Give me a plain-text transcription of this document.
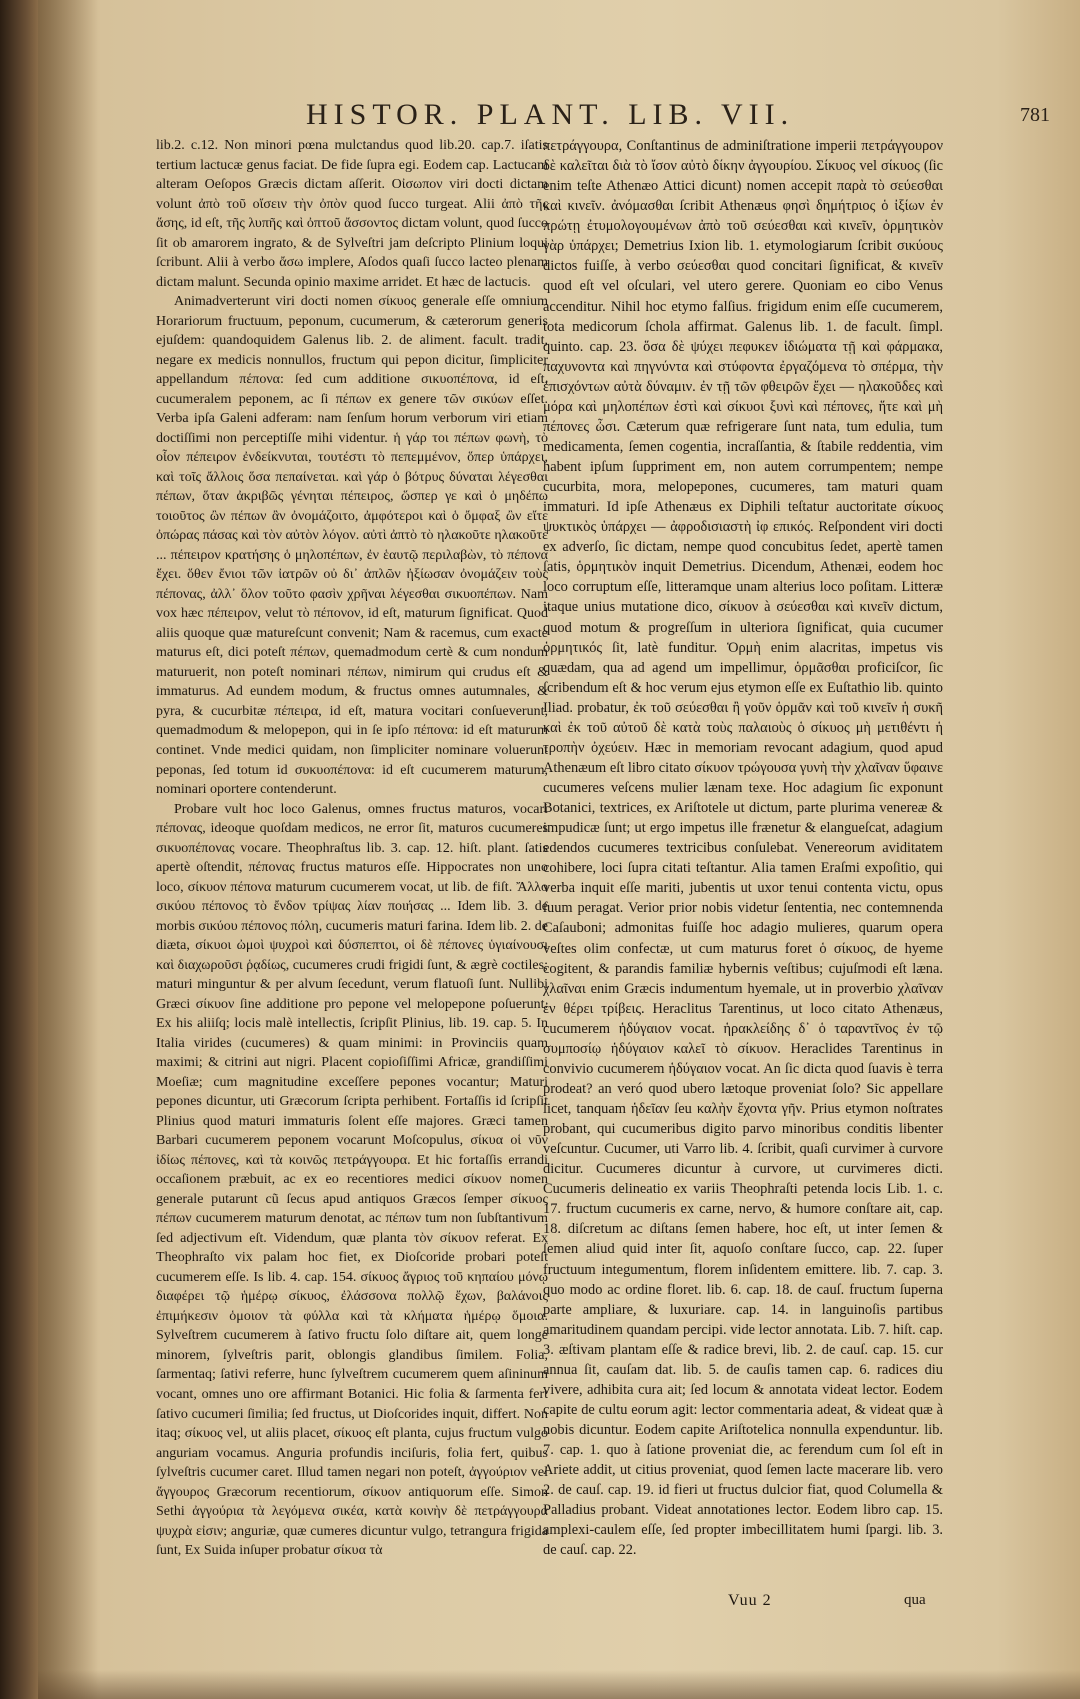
HISTOR. PLANT. LIB. VII.	781

lib.2. c.12. Non minori pœna mulctandus quod lib.20. cap.7. iſatis tertium lactucæ genus faciat. De fide ſupra egi. Eodem cap. Lactucam alteram Oeſopos Græcis dictam aſſerit. Oἰσωπον viri docti dictam volunt ἀπὸ τοῦ οἴσειν τὴν ὀπὸν quod ſucco turgeat. Alii ἀπὸ τῆς ἄσης, id eſt, τῆς λυπῆς καὶ ὀπτοῦ ἄσσοντος dictam volunt, quod ſucco ſit ob amarorem ingrato, & de Sylveſtri jam deſcripto Plinium loqui ſcribunt. Alii à verbo ἄσω implere, Aſodos quaſi ſucco lacteo plenam dictam malunt. Secunda opinio maxime arridet. Et hæc de lactucis.

Animadverterunt viri docti nomen σίκυος generale eſſe omnium Horariorum fructuum, peponum, cucumerum, & cæterorum generis ejuſdem: quandoquidem Galenus lib. 2. de aliment. facult. tradit, negare ex medicis nonnullos, fructum qui pepon dicitur, ſimpliciter appellandum πέπονα: ſed cum additione σικυοπέπονα, id eſt, cucumeralem peponem, ac ſi πέπων ex genere τῶν σικύων eſſet. Verba ipſa Galeni adferam: nam ſenſum horum verborum viri etiam doctiſſimi non perceptiſſe mihi videntur. ἡ γάρ τοι πέπων φωνὴ, τὸ οἷον πέπειρον ἐνδείκνυται, τουτέστι τὸ πεπεμμένον, ὅπερ ὑπάρχει, καὶ τοῖς ἄλλοις ὅσα πεπαίνεται. καὶ γάρ ὁ βότρυς δύναται λέγεσθαι πέπων, ὅταν ἀκριβῶς γένηται πέπειρος, ὥσπερ γε καὶ ὁ μηδέπω τοιοῦτος ὢν πέπων ἂν ὀνομάζοιτο, ἀμφότεροι καὶ ὁ ὄμφαξ ὢν εἴτε ὀπώρας πάσας καὶ τὸν αὐτὸν λόγον. αὐτὶ ἀπτὸ τὸ ηλακοῦτε ηλακοῦτε ... πέπειρον κρατήσης ὁ μηλοπέπων, ἐν ἑαυτῷ περιλαβὼν, τὸ πέπονα ἔχει. ὅθεν ἔνιοι τῶν ἰατρῶν οὐ δι᾽ ἀπλῶν ἠξίωσαν ὀνομάζειν τοὺς πέπονας, ἀλλ᾽ ὅλον τοῦτο φασὶν χρῆναι λέγεσθαι σικυοπέπων. Nam vox hæc πέπειρον, velut τὸ πέπονον, id eſt, maturum ſignificat. Quod aliis quoque quæ matureſcunt convenit; Nam & racemus, cum exacte maturus eſt, dici poteſt πέπων, quemadmodum certè & cum nondum maturuerit, non poteſt nominari πέπων, nimirum qui crudus eſt & immaturus. Ad eundem modum, & fructus omnes autumnales, & pyra, & cucurbitæ πέπειρα, id eſt, matura vocitari conſueverunt, quemadmodum & melopepon, qui in ſe ipſo πέπονα: id eſt maturum continet. Vnde medici quidam, non ſimpliciter nominare voluerunt peponas, ſed totum id συκυοπέπονα: id eſt cucumerem maturum, nominari oportere contenderunt.

Probare vult hoc loco Galenus, omnes fructus maturos, vocari πέπονας, ideoque quoſdam medicos, ne error ſit, maturos cucumeres σικυοπέπονας vocare. Theophraſtus lib. 3. cap. 12. hiſt. plant. ſatis apertè oſtendit, πέπονας fructus maturos eſſe. Hippocrates non uno loco, σίκυον πέπονα maturum cucumerem vocat, ut lib. de fiſt. Ἄλλο σικύου πέπονος τὸ ἔνδον τρίψας λίαν ποιήσας ... Idem lib. 3. de morbis σικύου πέπονος πόλη, cucumeris maturi farina. Idem lib. 2. de diæta, σίκυοι ὠμοὶ ψυχροὶ καὶ δύσπεπτοι, οἱ δὲ πέπονες ὑγιαίνουσι καὶ διαχωροῦσι ῥᾳδίως, cucumeres crudi frigidi ſunt, & ægrè coctiles; maturi minguntur & per alvum ſecedunt, verum flatuoſi ſunt. Nullibi Græci σίκυον ſine additione pro pepone vel melopepone poſuerunt. Ex his aliiſq; locis malè intellectis, ſcripſit Plinius, lib. 19. cap. 5. In Italia virides (cucumeres) & quam minimi: in Provinciis quam maximi; & citrini aut nigri. Placent copioſiſſimi Africæ, grandiſſimi Moeſiæ; cum magnitudine exceſſere pepones vocantur; Maturi pepones dicuntur, uti Græcorum ſcripta perhibent. Fortaſſis id ſcripſit Plinius quod maturi immaturis ſolent eſſe majores. Græci tamen Barbari cucumerem peponem vocarunt Moſcopulus, σίκυα οἱ νῦν ἰδίως πέπονες, καὶ τὰ κοινῶς πετράγγουρα. Et hic fortaſſis errandi occaſionem præbuit, ac ex eo recentiores medici σίκυον nomen generale putarunt cũ ſecus apud antiquos Græcos ſemper σίκυος πέπων cucumerem maturum denotat, ac πέπων tum non ſubſtantivum ſed adjectivum eſt. Videndum, quæ planta τὸν σίκυον referat. Ex Theophraſto vix palam hoc fiet, ex Dioſcoride probari poteſt cucumerem eſſe. Is lib. 4. cap. 154. σίκυος ἄγριος τοῦ κηπαίου μόνῳ διαφέρει τῷ ἡμέρῳ σίκυος, ἐλάσσονα πολλῷ ἔχων, βαλάνοις ἐπιμήκεσιν ὁμοιον τὰ φύλλα καὶ τὰ κλήματα ἡμέρῳ ὅμοια. Sylveſtrem cucumerem à ſativo fructu ſolo diſtare ait, quem longe minorem, ſylveſtris parit, oblongis glandibus ſimilem. Folia, ſarmentaq; ſativi referre, hunc ſylveſtrem cucumerem quem aſininum vocant, omnes uno ore affirmant Botanici. Hic folia & ſarmenta fert ſativo cucumeri ſimilia; ſed fructus, ut Dioſcorides inquit, differt. Non itaq; σίκυος vel, ut aliis placet, σίκυος eſt planta, cujus fructum vulgo anguriam vocamus. Anguria profundis inciſuris, folia fert, quibus ſylveſtris cucumer caret. Illud tamen negari non poteſt, ἀγγούριον vel ἄγγουρος Græcorum recentiorum, σίκυον antiquorum eſſe. Simon Sethi ἀγγούρια τὰ λεγόμενα σικέα, κατὰ κοινὴν δὲ πετράγγουρα ψυχρὰ εἰσιν; anguriæ, quæ cumeres dicuntur vulgo, tetrangura frigida ſunt, Ex Suida inſuper probatur σίκυα τὰ

πετράγγουρα, Conſtantinus de adminiſtratione imperii πετράγγουρον δὲ καλεῖται διὰ τὸ ἴσον αὐτὸ δίκην ἀγγουρίου. Σίκυος vel σίκυος (ſic enim teſte Athenæo Attici dicunt) nomen accepit παρὰ τὸ σεύεσθαι καὶ κινεῖν. ἀνόμασθαι ſcribit Athenæus φησὶ δημήτριος ὁ ἰξίων ἐν πρώτῃ ἐτυμολογουμένων ἀπὸ τοῦ σεύεσθαι καὶ κινεῖν, ὁρμητικὸν γὰρ ὑπάρχει; Demetrius Ixion lib. 1. etymologiarum ſcribit σικύους dictos fuiſſe, à verbo σεύεσθαι quod concitari ſignificat, & κινεῖν quod eſt vel oſculari, vel utero gerere. Quoniam eo cibo Venus accenditur. Nihil hoc etymo falſius. frigidum enim eſſe cucumerem, tota medicorum ſchola affirmat. Galenus lib. 1. de facult. ſimpl. quinto. cap. 23. ὅσα δὲ ψύχει πεφυκεν ἰδιώματα τῇ καὶ φάρμακα, παχυνοντα καὶ πηγνύντα καὶ στύφοντα ἐργαζόμενα τὸ σπέρμα, τὴν ἐπισχόντων αὐτὰ δύναμιν. ἐν τῇ τῶν φθειρῶν ἔχει — ηλακοῦδες καὶ μόρα καὶ μηλοπέπων ἐστὶ καὶ σίκυοι ξυνὶ καὶ πέπονες, ἥτε καὶ μὴ πέπονες ὦσι. Cæterum quæ refrigerare ſunt nata, tum edulia, tum medicamenta, ſemen cogentia, incraſſantia, & ſtabile reddentia, vim habent ipſum ſuppriment em, non autem corrumpentem; nempe cucurbita, mora, melopepones, cucumeres, tam maturi quam immaturi. Id ipſe Athenæus ex Diphili teſtatur auctoritate σίκυος ψυκτικὸς ὑπάρχει — ἀφροδισιαστὴ ἰφ επικός. Reſpondent viri docti ex adverſo, ſic dictam, nempe quod concubitus ſedet, apertè tamen ſatis, ὁρμητικὸν inquit Demetrius. Dicendum, Athenæi, eodem hoc loco corruptum eſſe, litteramque unam alterius loco poſitam. Litteræ itaque unius mutatione dico, σίκυον à σεύεσθαι καὶ κινεῖν dictum, quod motum & progreſſum in ulteriora ſignificat, quia cucumer ὁρμητικός ſit, latè funditur. Ὁρμὴ enim alacritas, impetus vis quædam, qua ad agend um impellimur, ὁρμᾶσθαι proficiſcor, ſic ſcribendum eſt & hoc verum ejus etymon eſſe ex Euſtathio lib. quinto Iliad. probatur, ἐκ τοῦ σεύεσθαι ἢ γοῦν ὁρμᾶν καὶ τοῦ κινεῖν ἡ συκῆ καὶ ἐκ τοῦ αὐτοῦ δὲ κατὰ τοὺς παλαιοὺς ὁ σίκυος μὴ μετιθέντι ἡ τροπὴν ὀχεύειν. Hæc in memoriam revocant adagium, quod apud Athenæum eſt libro citato σίκυον τρώγουσα γυνὴ τὴν χλαῖναν ὕφαινε cucumeres veſcens mulier lænam texe. Hoc adagium ſic exponunt Botanici, textrices, ex Ariſtotele ut dictum, parte plurima venereæ & impudicæ ſunt; ut ergo impetus ille frænetur & elangueſcat, adagium edendos cucumeres textricibus conſulebat. Venereorum aviditatem cohibere, loci ſupra citati teſtantur. Alia tamen Eraſmi expoſitio, qui verba inquit eſſe mariti, jubentis ut uxor tenui contenta victu, opus ſuum peragat. Verior prior nobis videtur ſententia, nec contemnenda Caſauboni; admonitas fuiſſe hoc adagio mulieres, quarum opera veſtes olim confectæ, ut cum maturus foret ὁ σίκυος, de hyeme cogitent, & parandis familiæ hybernis veſtibus; cujuſmodi eſt læna. χλαῖναι enim Græcis indumentum hyemale, ut in proverbio χλαῖναν ἐν θέρει τρίβεις. Heraclitus Tarentinus, ut loco citato Athenæus, cucumerem ἡδύγαιον vocat. ἡρακλείδης δ᾽ ὁ ταραντῖνος ἐν τῷ συμποσίῳ ἡδύγαιον καλεῖ τὸ σίκυον. Heraclides Tarentinus in convivio cucumerem ἡδύγαιον vocat. An ſic dicta quod ſuavis è terra prodeat? an veró quod ubero lætoque proveniat ſolo? Sic appellare licet, tanquam ἡδεῖαν ſeu καλὴν ἔχοντα γῆν. Prius etymon noſtrates probant, qui cucumeribus digito parvo minoribus conditis libenter veſcuntur. Cucumer, uti Varro lib. 4. ſcribit, quaſi curvimer à curvore dicitur. Cucumeres dicuntur à curvore, ut curvimeres dicti. Cucumeris delineatio ex variis Theophraſti petenda locis Lib. 1. c. 17. fructum cucumeris ex carne, nervo, & humore conſtare ait, cap. 18. diſcretum ac diſtans ſemen habere, hoc eſt, ut inter ſemen & ſemen aliud quid inter ſit, aquoſo conſtare ſucco, cap. 22. ſuper fructuum integumentum, florem inſidentem emittere. lib. 7. cap. 3. quo modo ac ordine floret. lib. 6. cap. 18. de cauſ. fructum ſuperna parte ampliare, & luxuriare. cap. 14. in languinoſis partibus amaritudinem quandam percipi. vide lector annotata. Lib. 7. hiſt. cap. 3. æſtivam plantam eſſe & radice brevi, lib. 2. de cauſ. cap. 15. cur annua ſit, cauſam dat. lib. 5. de cauſis tamen cap. 6. radices diu vivere, adhibita cura ait; ſed locum & annotata videat lector. Eodem capite de cultu eorum agit: lector commentaria adeat, & videat quæ à nobis dicuntur. Eodem capite Ariſtotelica nonnulla expenduntur. lib. 7. cap. 1. quo à ſatione proveniat die, ac ferendum cum ſol eſt in Ariete addit, ut citius proveniat, quod ſemen lacte macerare lib. vero 2. de cauſ. cap. 19. id fieri ut fructus dulcior fiat, quod Columella & Palladius probant. Videat annotationes lector. Eodem libro cap. 15. amplexi-caulem eſſe, ſed propter imbecillitatem humi ſpargi. lib. 3. de cauſ. cap. 22.

Vuu 2	qua
